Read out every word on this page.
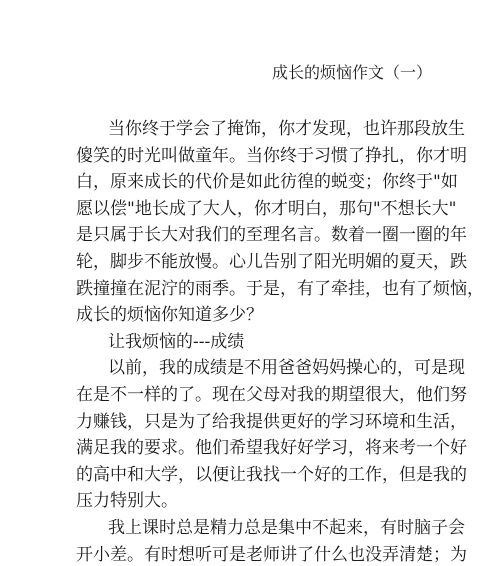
成长的烦恼作文（一）
当你终于学会了掩饰，你才发现，也许那段放生
傻笑的时光叫做童年。当你终于习惯了挣扎，你才明
白，原来成长的代价是如此彷徨的蜕变；你终于"如
愿以偿"地长成了大人，你才明白，那句"不想长大"
是只属于长大对我们的至理名言。数着一圈一圈的年
轮，脚步不能放慢。心儿告别了阳光明媚的夏天，跌
跌撞撞在泥泞的雨季。于是，有了牵挂，也有了烦恼，
成长的烦恼你知道多少？
让我烦恼的---成绩
以前，我的成绩是不用爸爸妈妈操心的，可是现
在是不一样的了。现在父母对我的期望很大，他们努
力赚钱，只是为了给我提供更好的学习环境和生活，
满足我的要求。他们希望我好好学习，将来考一个好
的高中和大学，以便让我找一个好的工作，但是我的
压力特别大。
我上课时总是精力总是集中不起来，有时脑子会
开小差。有时想听可是老师讲了什么也没弄清楚；为
